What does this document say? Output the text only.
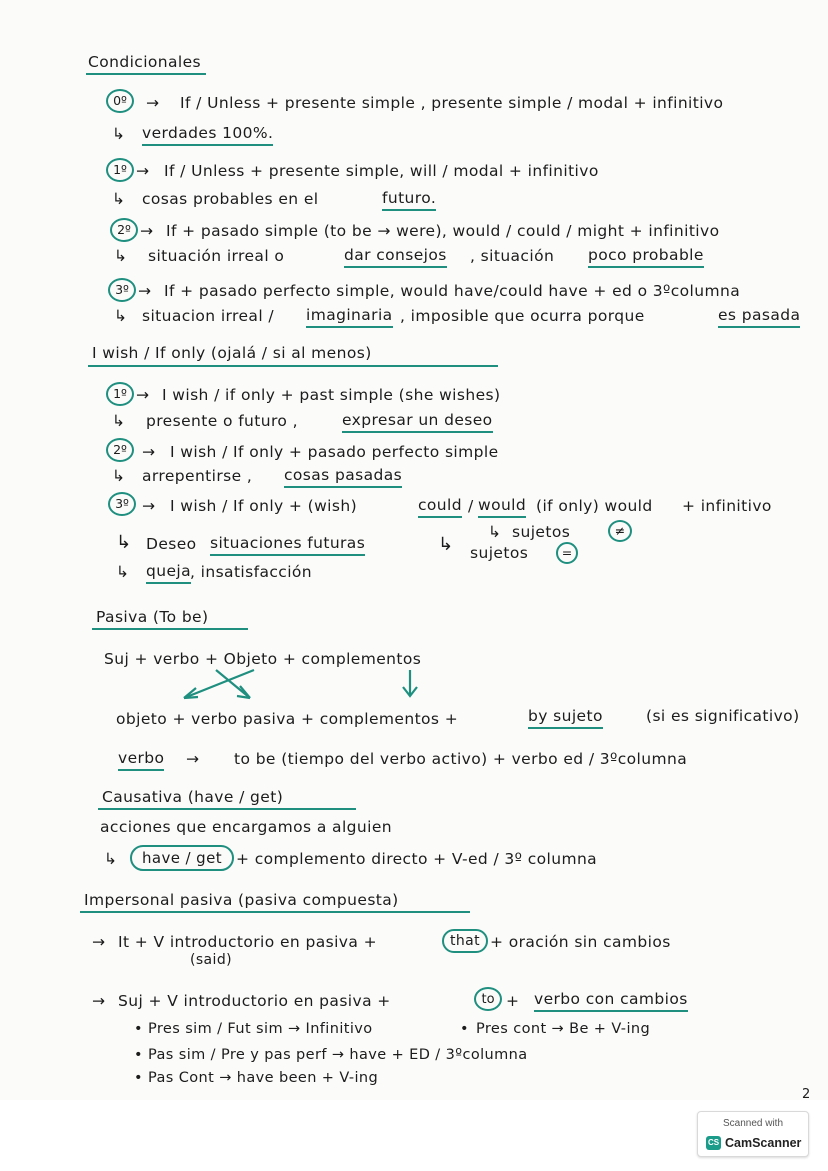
Condicionales
0º	→ If / Unless + presente simple , presente simple / modal + infinitivo
↳ verdades 100%.
1º → If / Unless + presente simple, will / modal + infinitivo
↳ cosas probables en el	futuro.
2º → If + pasado simple (to be → were), would / could / might + infinitivo
↳ situación irreal o	dar consejos , situación poco probable
3º → If + pasado perfecto simple, would have/could have + ed o 3ºcolumna
↳ situacion irreal / imaginaria , imposible que ocurra porque	es pasada
I wish / If only (ojalá / si al menos)
1º → I wish / if only + past simple (she wishes)
↳ presente o futuro ,	expresar un deseo
2º → I wish / If only + pasado perfecto simple
↳ arrepentirse , cosas pasadas
3º → I wish / If only + (wish)	could / would (if only) would + infinitivo
↳ Deseo situaciones futuras
↳ queja
, insatisfacción
↳
↳ sujetos	≠
sujetos	=
Pasiva (To be)
Suj + verbo + Objeto + complementos
objeto + verbo pasiva + complementos +	by sujeto	(si es significativo)
verbo → to be (tiempo del verbo activo) + verbo ed / 3ºcolumna
Causativa (have / get)
acciones que encargamos a alguien
↳	have / get + complemento directo + V-ed / 3º columna
Impersonal pasiva (pasiva compuesta)
→ It + V introductorio en pasiva +	that + oración sin cambios
(said)
→ Suj + V introductorio en pasiva +	to + verbo con cambios
• Pres sim / Fut sim → Infinitivo	• Pres cont → Be + V-ing
• Pas sim / Pre y pas perf → have + ED / 3ºcolumna
• Pas Cont → have been + V-ing
2
Scanned with
CS CamScanner
